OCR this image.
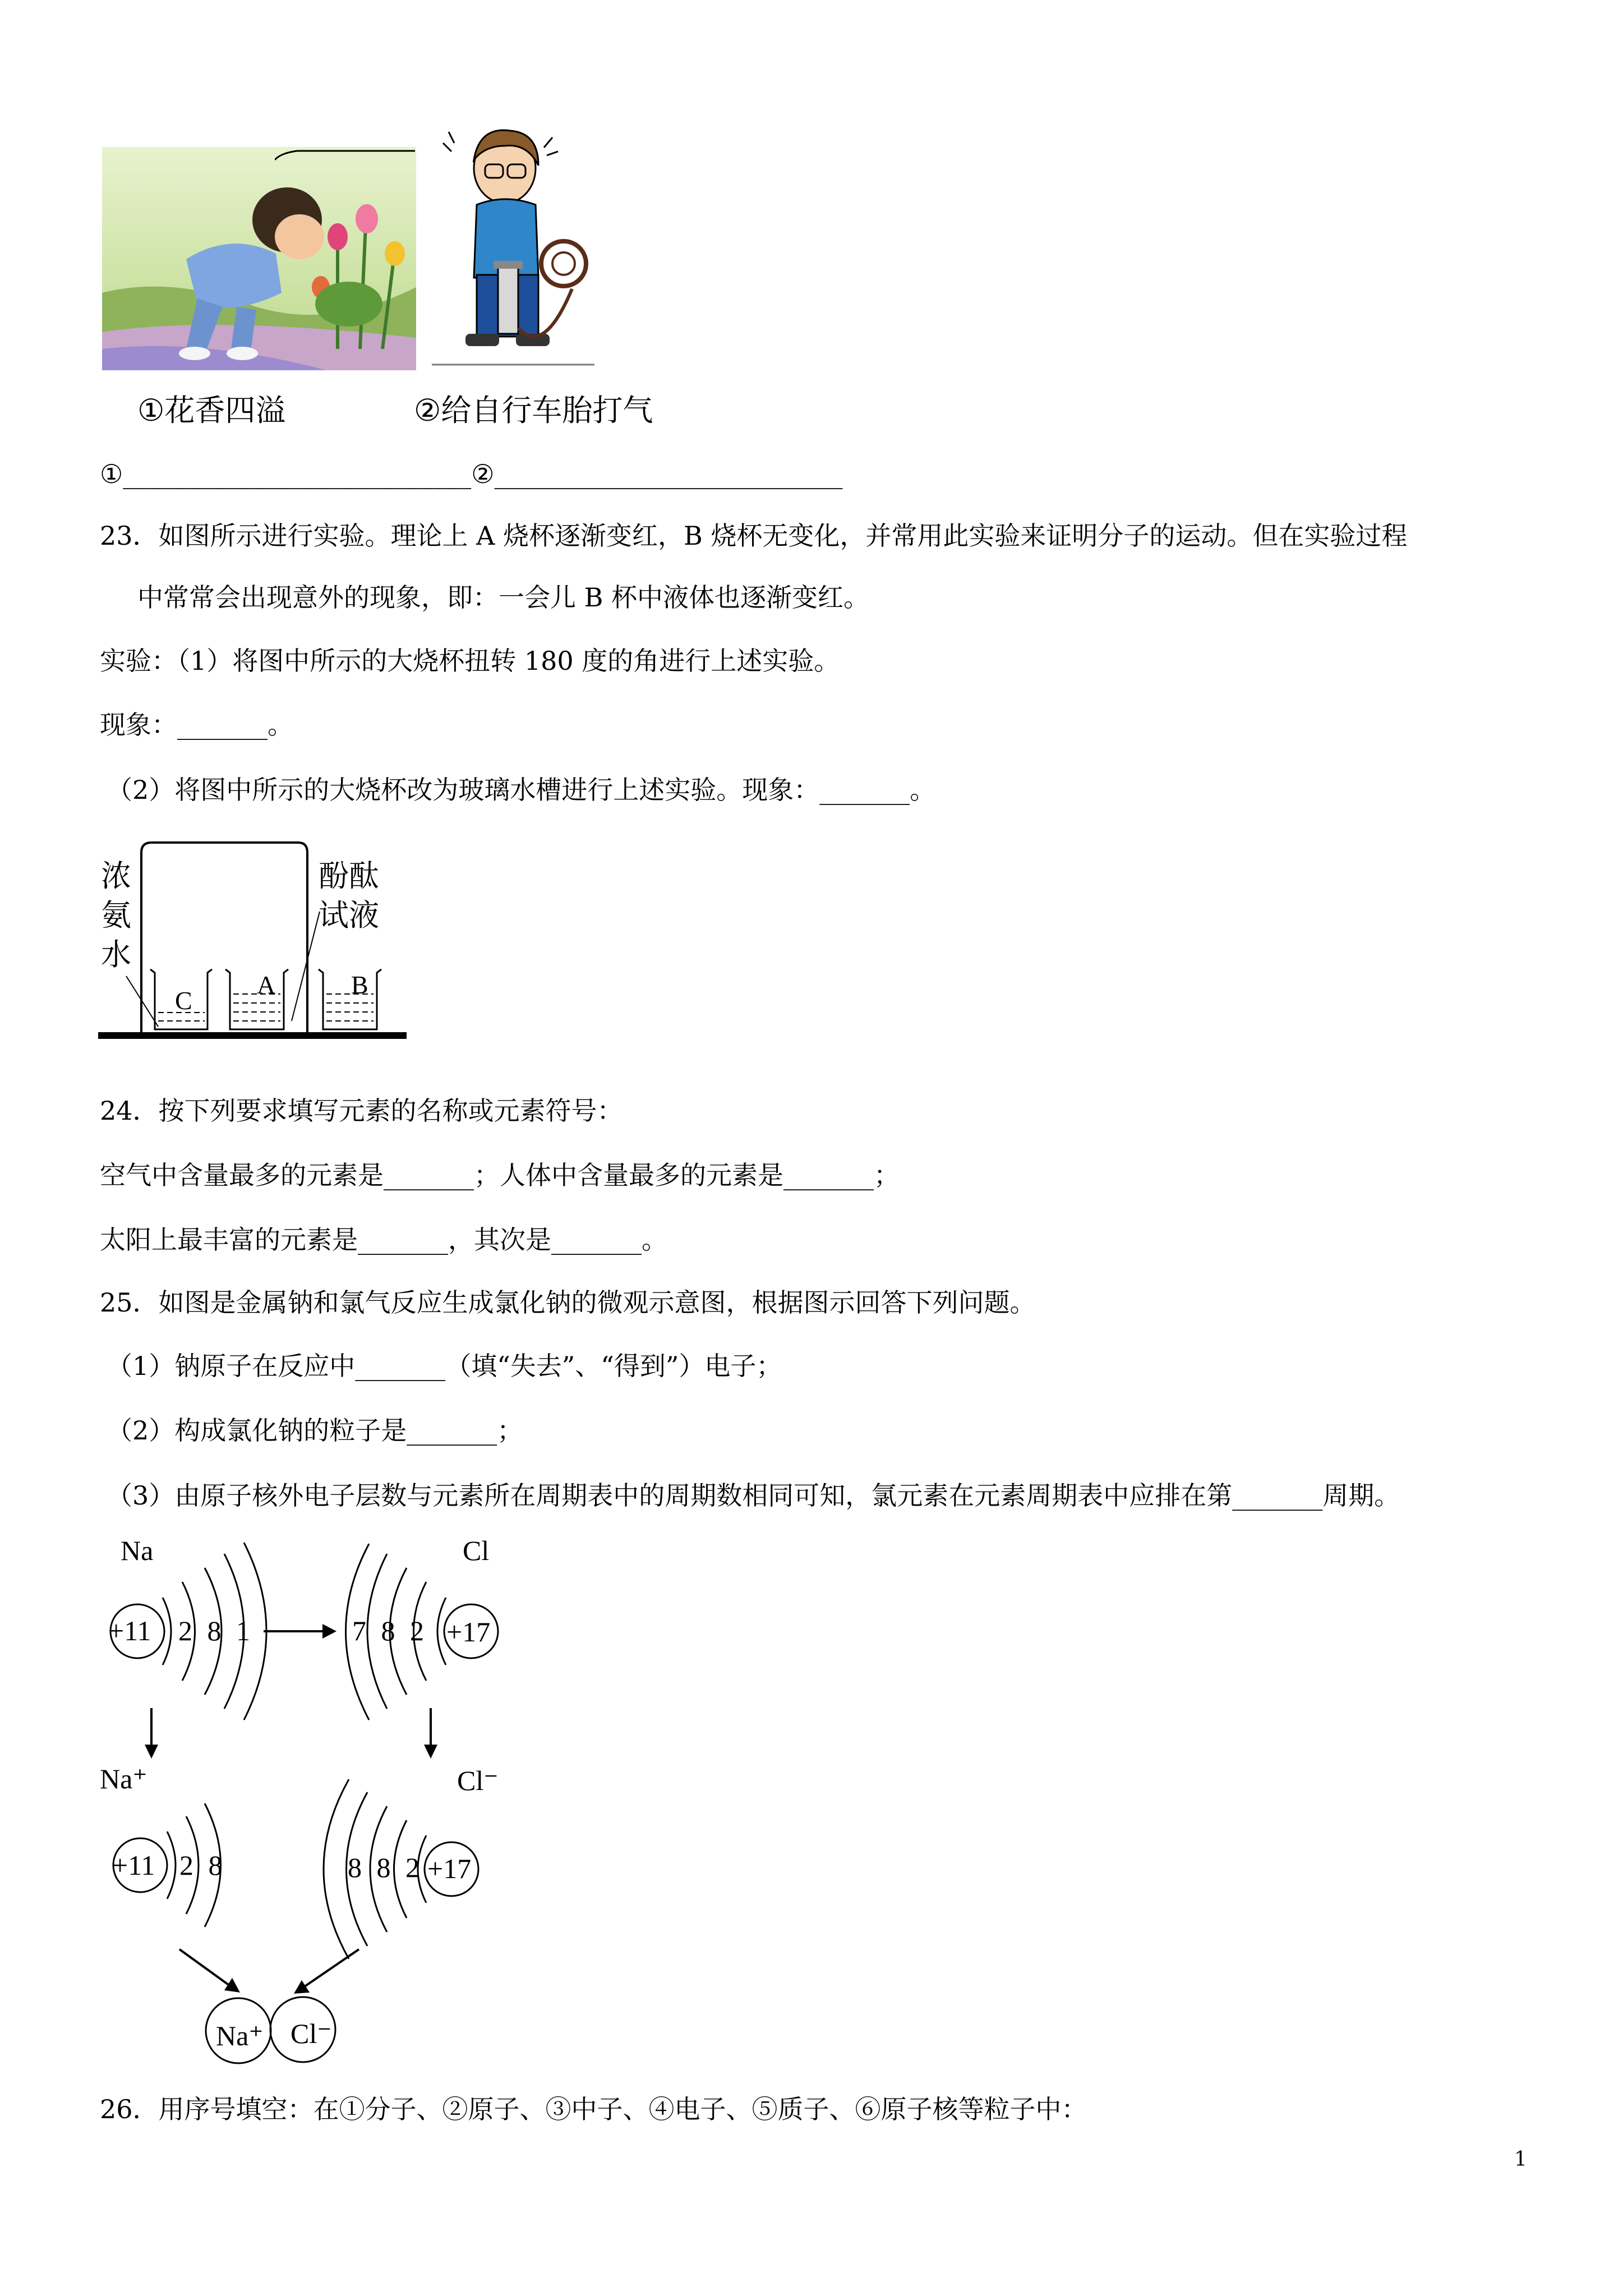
①花香四溢	②给自行车胎打气
①___________________________②___________________________
23．如图所示进行实验。理论上 A 烧杯逐渐变红，B 烧杯无变化，并常用此实验来证明分子的运动。但在实验过程
中常常会出现意外的现象，即：一会儿 B 杯中液体也逐渐变红。
实验：（1）将图中所示的大烧杯扭转 180 度的角进行上述实验。
现象：_______。
（2）将图中所示的大烧杯改为玻璃水槽进行上述实验。现象：_______。
浓
氨
水
酚酞
试液
C
A	B
24．按下列要求填写元素的名称或元素符号：
空气中含量最多的元素是_______；人体中含量最多的元素是_______；
太阳上最丰富的元素是_______，其次是_______。
25．如图是金属钠和氯气反应生成氯化钠的微观示意图，根据图示回答下列问题。
（1）钠原子在反应中_______（填“失去”、“得到”）电子；
（2）构成氯化钠的粒子是_______；
（3）由原子核外电子层数与元素所在周期表中的周期数相同可知，氯元素在元素周期表中应排在第_______周期。
Na
+11 2 8 1
Cl
7 8 2 +17
Na⁺
+11 2 8
Cl⁻
8 8 2 +17
Na⁺ Cl⁻
26．用序号填空：在①分子、②原子、③中子、④电子、⑤质子、⑥原子核等粒子中：
1
